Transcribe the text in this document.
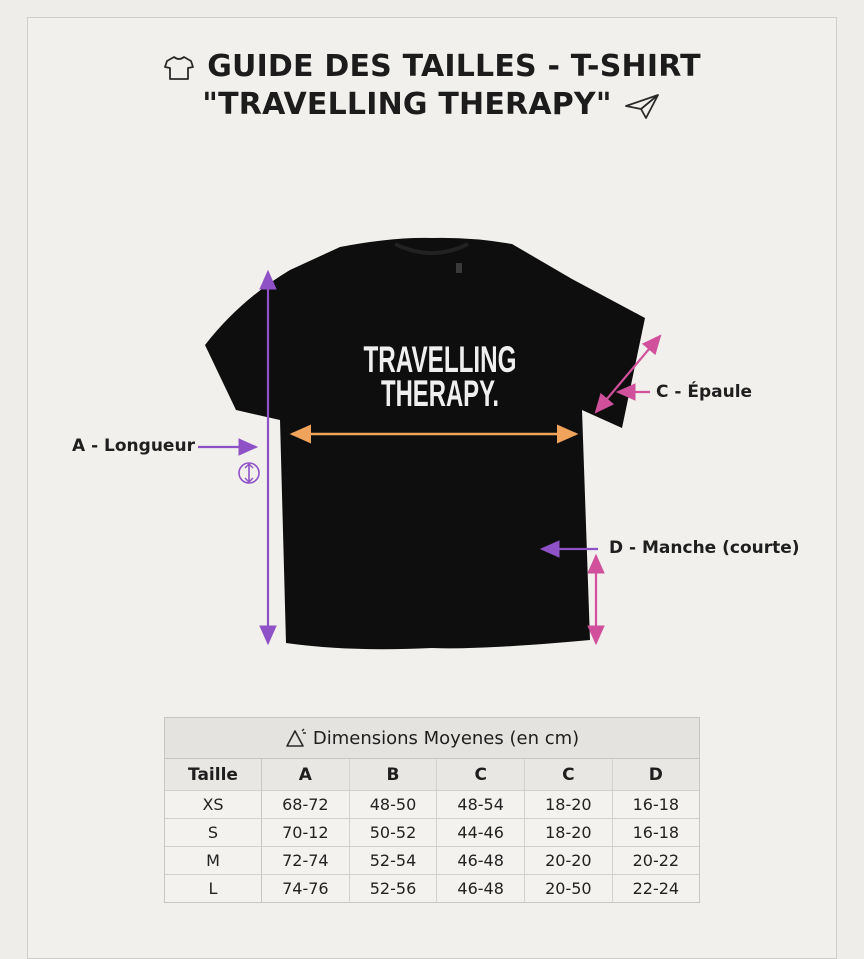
GUIDE DES TAILLES - T-SHIRT
"TRAVELLING THERAPY"
TRAVELLING
THERAPY.
A - Longueur
C - Épaule
D - Manche (courte)
Dimensions Moyenes (en cm)
Taille	A	B	C	C	D
XS	68-72	48-50	48-54	18-20	16-18
S	70-12	50-52	44-46	18-20	16-18
M	72-74	52-54	46-48	20-20	20-22
L	74-76	52-56	46-48	20-50	22-24
